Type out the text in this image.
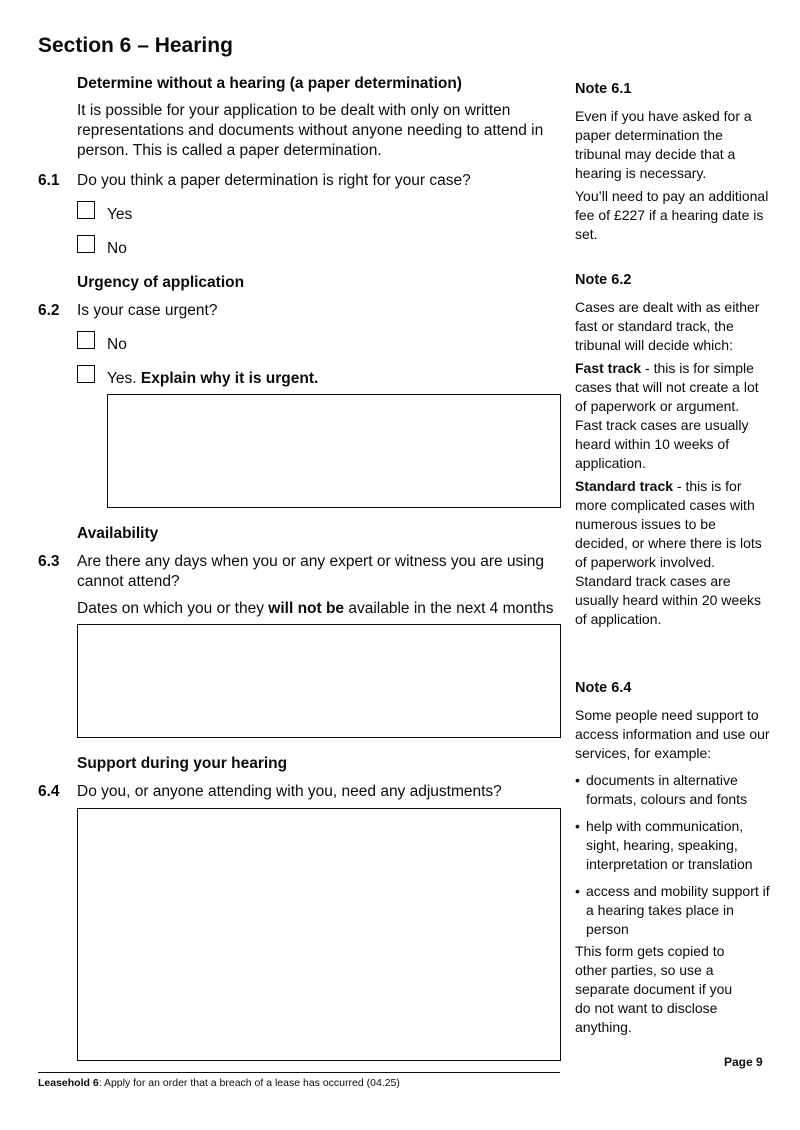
Section 6 – Hearing
Determine without a hearing (a paper determination)
It is possible for your application to be dealt with only on written representations and documents without anyone needing to attend in person. This is called a paper determination.
6.1 Do you think a paper determination is right for your case?
Yes
No
Urgency of application
6.2 Is your case urgent?
No
Yes. Explain why it is urgent.
Availability
6.3 Are there any days when you or any expert or witness you are using cannot attend?
Dates on which you or they will not be available in the next 4 months
Support during your hearing
6.4 Do you, or anyone attending with you, need any adjustments?

Note 6.1

Even if you have asked for a paper determination the tribunal may decide that a hearing is necessary.

You’ll need to pay an additional fee of £227 if a hearing date is set.

Note 6.2

Cases are dealt with as either fast or standard track, the tribunal will decide which:

Fast track - this is for simple cases that will not create a lot of paperwork or argument. Fast track cases are usually heard within 10 weeks of application.

Standard track - this is for more complicated cases with numerous issues to be decided, or where there is lots of paperwork involved. Standard track cases are usually heard within 20 weeks of application.

Note 6.4

Some people need support to access information and use our services, for example:

• documents in alternative formats, colours and fonts
• help with communication, sight, hearing, speaking, interpretation or translation
• access and mobility support if a hearing takes place in person

This form gets copied to other parties, so use a separate document if you do not want to disclose anything.

Leasehold 6: Apply for an order that a breach of a lease has occurred (04.25)
Page 9
